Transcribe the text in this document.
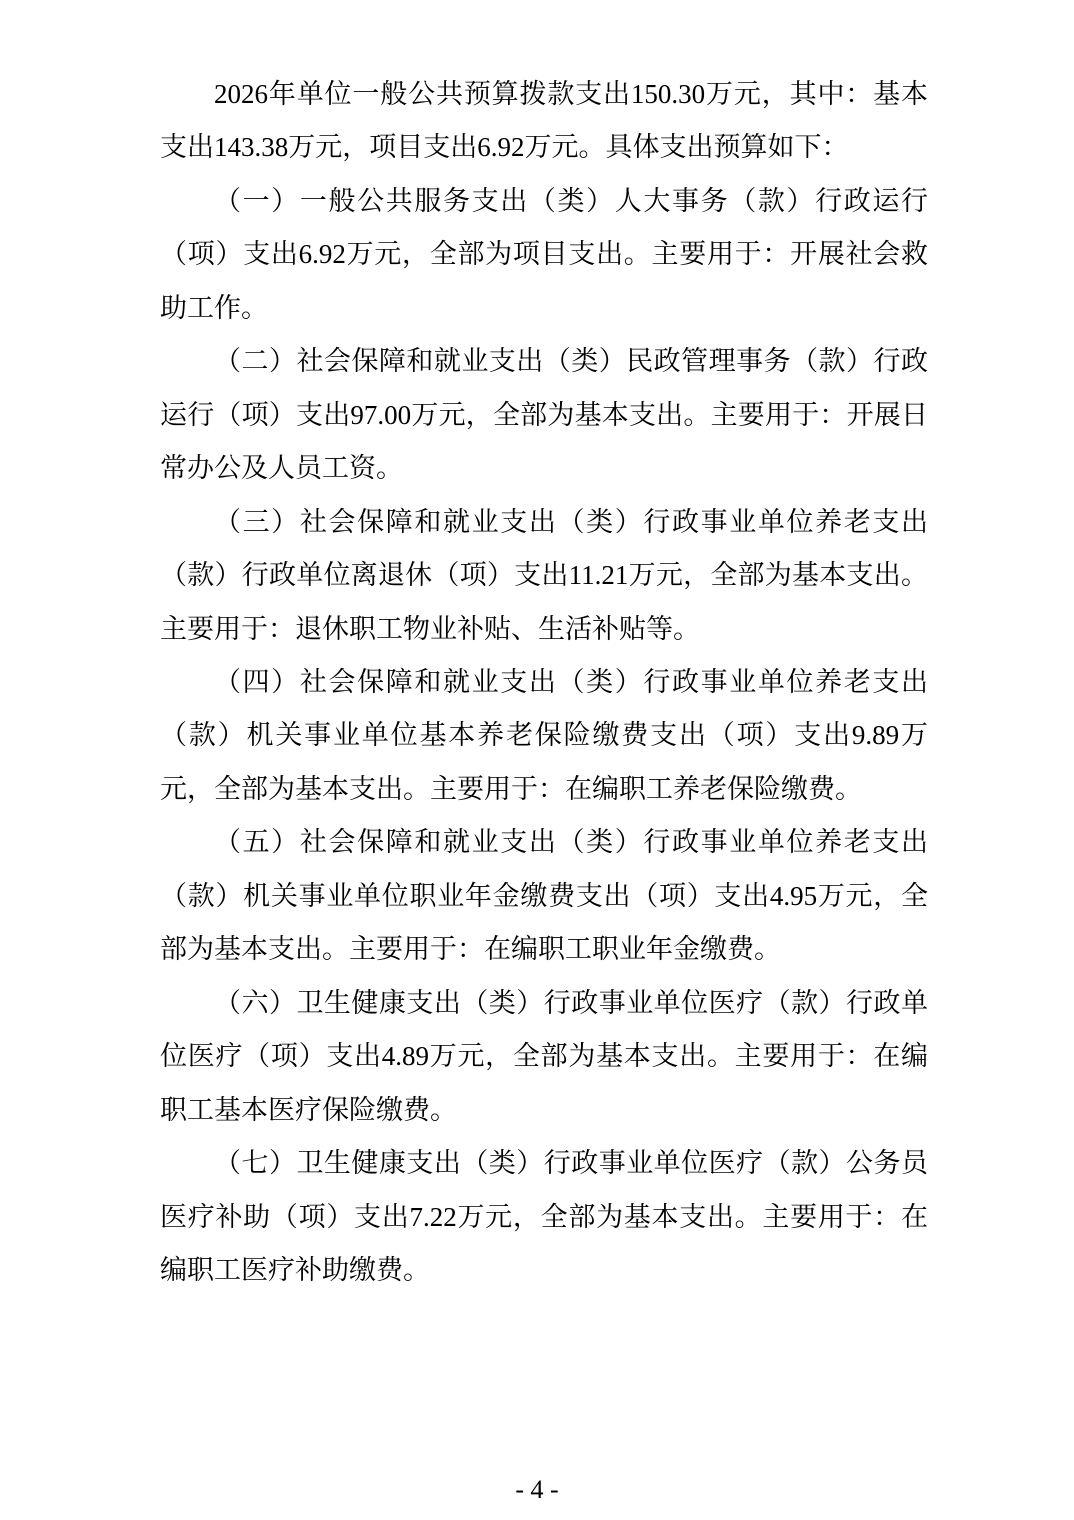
2026年单位一般公共预算拨款支出150.30万元，其中：基本
支出143.38万元，项目支出6.92万元。具体支出预算如下：

（一）一般公共服务支出（类）人大事务（款）行政运行
（项）支出6.92万元，全部为项目支出。主要用于：开展社会救
助工作。

（二）社会保障和就业支出（类）民政管理事务（款）行政
运行（项）支出97.00万元，全部为基本支出。主要用于：开展日
常办公及人员工资。

（三）社会保障和就业支出（类）行政事业单位养老支出
（款）行政单位离退休（项）支出11.21万元，全部为基本支出。
主要用于：退休职工物业补贴、生活补贴等。

（四）社会保障和就业支出（类）行政事业单位养老支出
（款）机关事业单位基本养老保险缴费支出（项）支出9.89万
元，全部为基本支出。主要用于：在编职工养老保险缴费。

（五）社会保障和就业支出（类）行政事业单位养老支出
（款）机关事业单位职业年金缴费支出（项）支出4.95万元，全
部为基本支出。主要用于：在编职工职业年金缴费。

（六）卫生健康支出（类）行政事业单位医疗（款）行政单
位医疗（项）支出4.89万元，全部为基本支出。主要用于：在编
职工基本医疗保险缴费。

（七）卫生健康支出（类）行政事业单位医疗（款）公务员
医疗补助（项）支出7.22万元，全部为基本支出。主要用于：在
编职工医疗补助缴费。

- 4 -
